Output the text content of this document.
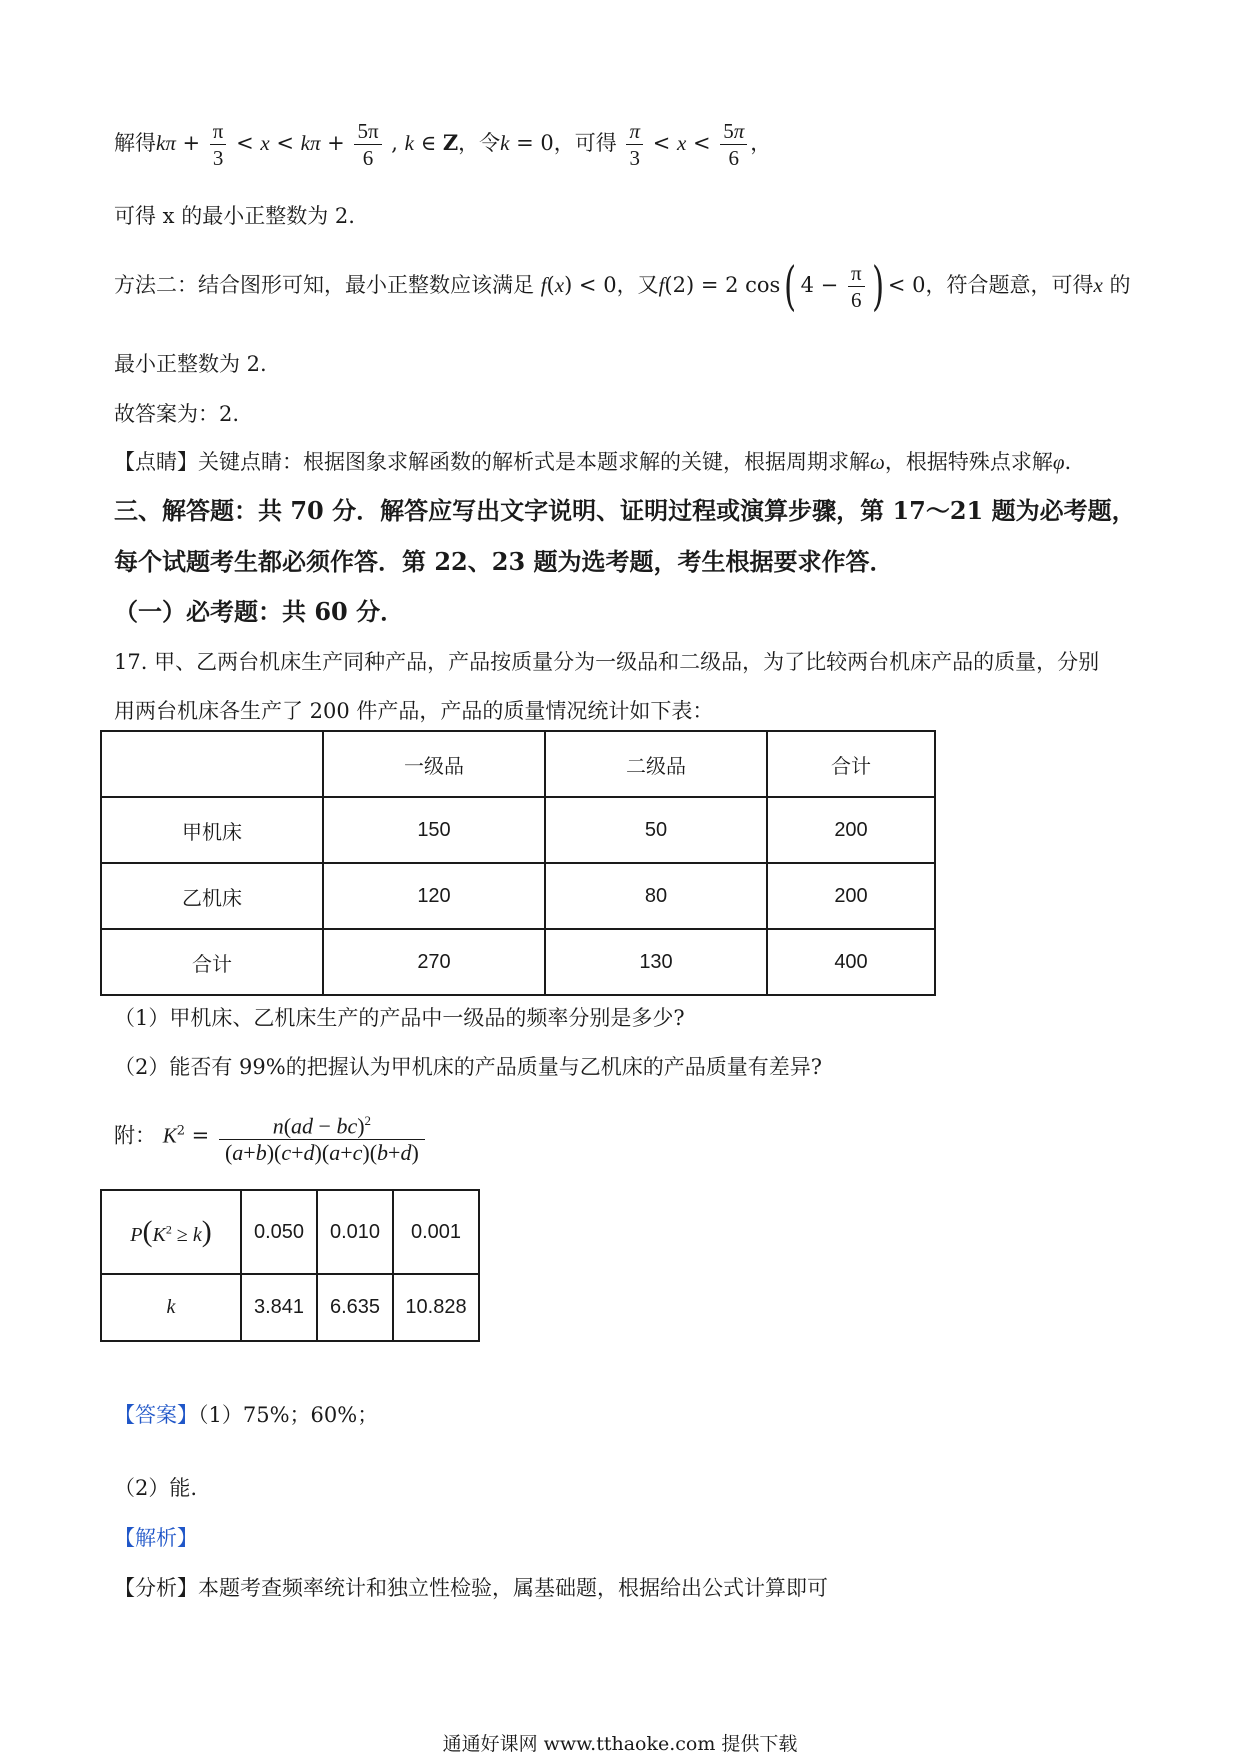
解得$k\pi + \frac{\pi}{3} < x < k\pi + \frac{5\pi}{6}$ , k ∈ Z，令k = 0，可得 $\frac{\pi}{3} < x < \frac{5\pi}{6}$ ，
可得 x 的最小正整数为 2.
方法二：结合图形可知，最小正整数应该满足 f(x) < 0，又f(2) = 2 cos( $4 - \frac{\pi}{6}$ ) < 0，符合题意，可得x 的
最小正整数为 2.
故答案为：2.
【点睛】关键点睛：根据图象求解函数的解析式是本题求解的关键，根据周期求解ω，根据特殊点求解φ.
三、解答题：共 70 分．解答应写出文字说明、证明过程或演算步骤，第 17～21 题为必考题，
每个试题考生都必须作答．第 22、23 题为选考题，考生根据要求作答．
（一）必考题：共 60 分．
17. 甲、乙两台机床生产同种产品，产品按质量分为一级品和二级品，为了比较两台机床产品的质量，分别
用两台机床各生产了 200 件产品，产品的质量情况统计如下表：
	一级品	二级品	合计
甲机床	150	50	200
乙机床	120	80	200
合计	270	130	400
（1）甲机床、乙机床生产的产品中一级品的频率分别是多少?
（2）能否有 99%的把握认为甲机床的产品质量与乙机床的产品质量有差异?
附： $K^2 = \frac{n(ad - bc)^2}{(a+b)(c+d)(a+c)(b+d)}$
$P(K^2 \ge k)$	0.050	0.010	0.001
k	3.841	6.635	10.828
【答案】（1）75%；60%；
（2）能.
【解析】
【分析】本题考查频率统计和独立性检验，属基础题，根据给出公式计算即可
通通好课网 www.tthaoke.com 提供下载
